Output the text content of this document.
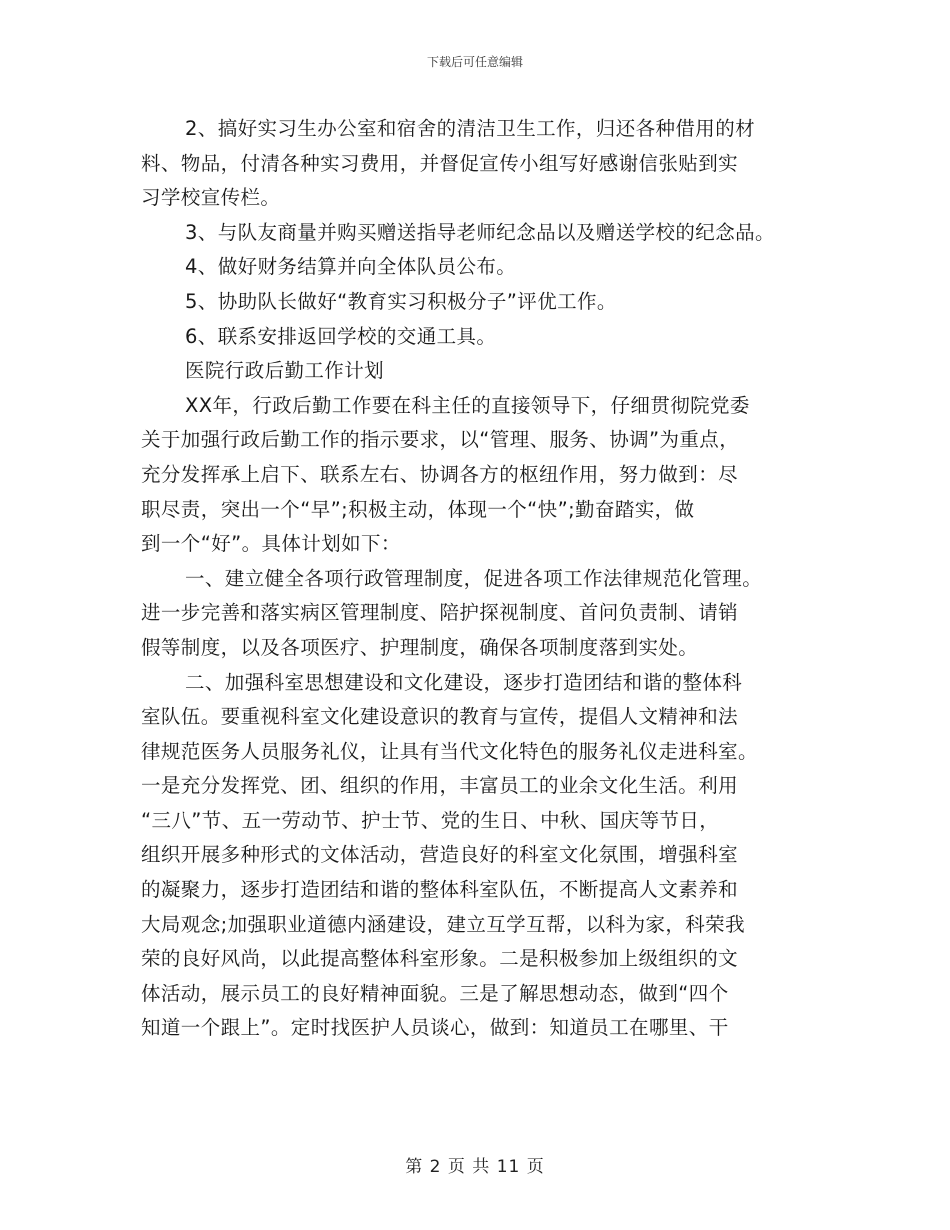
下载后可任意编辑
2、搞好实习生办公室和宿舍的清洁卫生工作，归还各种借用的材
料、物品，付清各种实习费用，并督促宣传小组写好感谢信张贴到实
习学校宣传栏。
3、与队友商量并购买赠送指导老师纪念品以及赠送学校的纪念品。
4、做好财务结算并向全体队员公布。
5、协助队长做好“教育实习积极分子”评优工作。
6、联系安排返回学校的交通工具。
医院行政后勤工作计划
XX年，行政后勤工作要在科主任的直接领导下，仔细贯彻院党委
关于加强行政后勤工作的指示要求，以“管理、服务、协调”为重点，
充分发挥承上启下、联系左右、协调各方的枢纽作用，努力做到：尽
职尽责，突出一个“早”;积极主动，体现一个“快”;勤奋踏实，做
到一个“好”。具体计划如下：
一、建立健全各项行政管理制度，促进各项工作法律规范化管理。
进一步完善和落实病区管理制度、陪护探视制度、首问负责制、请销
假等制度，以及各项医疗、护理制度，确保各项制度落到实处。
二、加强科室思想建设和文化建设，逐步打造团结和谐的整体科
室队伍。要重视科室文化建设意识的教育与宣传，提倡人文精神和法
律规范医务人员服务礼仪，让具有当代文化特色的服务礼仪走进科室。
一是充分发挥党、团、组织的作用，丰富员工的业余文化生活。利用
“三八”节、五一劳动节、护士节、党的生日、中秋、国庆等节日，
组织开展多种形式的文体活动，营造良好的科室文化氛围，增强科室
的凝聚力，逐步打造团结和谐的整体科室队伍，不断提高人文素养和
大局观念;加强职业道德内涵建设，建立互学互帮，以科为家，科荣我
荣的良好风尚，以此提高整体科室形象。二是积极参加上级组织的文
体活动，展示员工的良好精神面貌。三是了解思想动态，做到“四个
知道一个跟上”。定时找医护人员谈心，做到：知道员工在哪里、干
第 2 页 共 11 页
